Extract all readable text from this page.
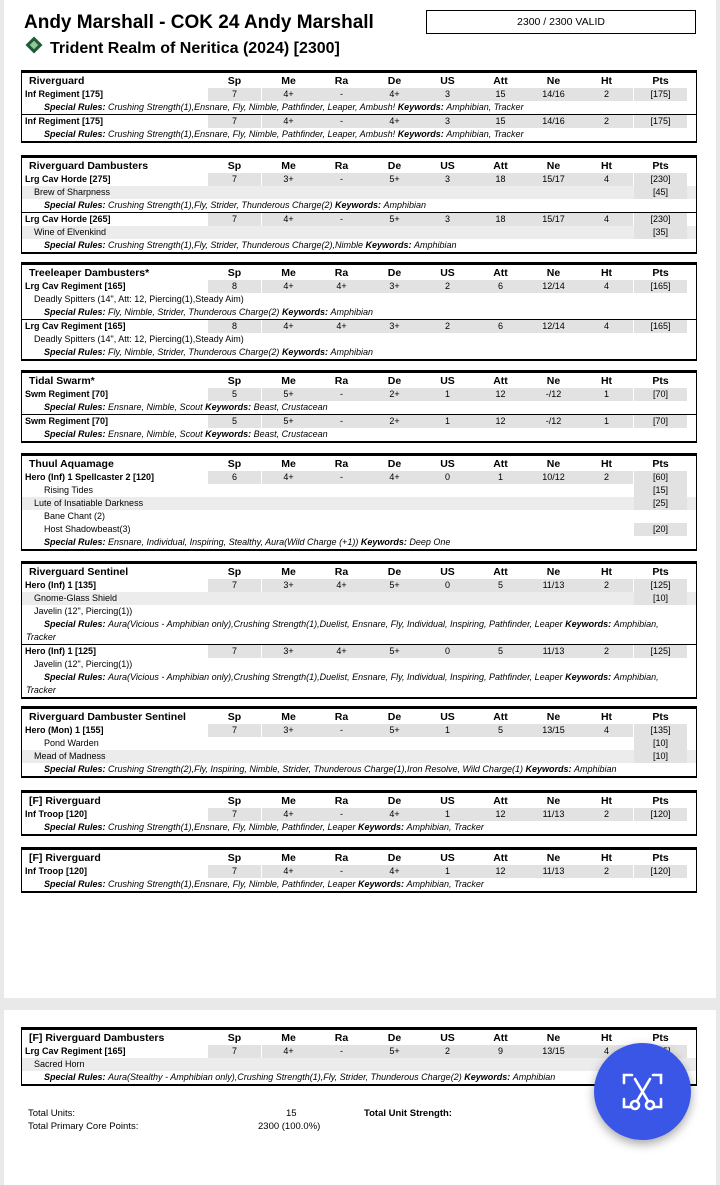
Andy Marshall - COK 24 Andy Marshall
Trident Realm of Neritica (2024) [2300]
2300 / 2300 VALID
Riverguard	Sp	Me	Ra	De	US	Att	Ne	Ht	Pts
Inf Regiment [175]	7	4+	-	4+	3	15	14/16	2	[175]
Special Rules: Crushing Strength(1),Ensnare, Fly, Nimble, Pathfinder, Leaper, Ambush! Keywords: Amphibian, Tracker
Inf Regiment [175]	7	4+	-	4+	3	15	14/16	2	[175]
Special Rules: Crushing Strength(1),Ensnare, Fly, Nimble, Pathfinder, Leaper, Ambush! Keywords: Amphibian, Tracker
Riverguard Dambusters	Sp	Me	Ra	De	US	Att	Ne	Ht	Pts
Lrg Cav Horde [275]	7	3+	-	5+	3	18	15/17	4	[230]
Brew of Sharpness	[45]
Special Rules: Crushing Strength(1),Fly, Strider, Thunderous Charge(2) Keywords: Amphibian
Lrg Cav Horde [265]	7	4+	-	5+	3	18	15/17	4	[230]
Wine of Elvenkind	[35]
Special Rules: Crushing Strength(1),Fly, Strider, Thunderous Charge(2),Nimble Keywords: Amphibian
Treeleaper Dambusters*	Sp	Me	Ra	De	US	Att	Ne	Ht	Pts
Lrg Cav Regiment [165]	8	4+	4+	3+	2	6	12/14	4	[165]
Deadly Spitters (14", Att: 12, Piercing(1),Steady Aim)
Special Rules: Fly, Nimble, Strider, Thunderous Charge(2) Keywords: Amphibian
Lrg Cav Regiment [165]	8	4+	4+	3+	2	6	12/14	4	[165]
Deadly Spitters (14", Att: 12, Piercing(1),Steady Aim)
Special Rules: Fly, Nimble, Strider, Thunderous Charge(2) Keywords: Amphibian
Tidal Swarm*	Sp	Me	Ra	De	US	Att	Ne	Ht	Pts
Swm Regiment [70]	5	5+	-	2+	1	12	-/12	1	[70]
Special Rules: Ensnare, Nimble, Scout Keywords: Beast, Crustacean
Swm Regiment [70]	5	5+	-	2+	1	12	-/12	1	[70]
Special Rules: Ensnare, Nimble, Scout Keywords: Beast, Crustacean
Thuul Aquamage	Sp	Me	Ra	De	US	Att	Ne	Ht	Pts
Hero (Inf) 1 Spellcaster 2 [120]	6	4+	-	4+	0	1	10/12	2	[60]
Rising Tides	[15]
Lute of Insatiable Darkness	[25]
Bane Chant (2)
Host Shadowbeast(3)	[20]
Special Rules: Ensnare, Individual, Inspiring, Stealthy, Aura(Wild Charge (+1)) Keywords: Deep One
Riverguard Sentinel	Sp	Me	Ra	De	US	Att	Ne	Ht	Pts
Hero (Inf) 1 [135]	7	3+	4+	5+	0	5	11/13	2	[125]
Gnome-Glass Shield	[10]
Javelin (12", Piercing(1))
Special Rules: Aura(Vicious - Amphibian only),Crushing Strength(1),Duelist, Ensnare, Fly, Individual, Inspiring, Pathfinder, Leaper Keywords: Amphibian, Tracker
Hero (Inf) 1 [125]	7	3+	4+	5+	0	5	11/13	2	[125]
Javelin (12", Piercing(1))
Special Rules: Aura(Vicious - Amphibian only),Crushing Strength(1),Duelist, Ensnare, Fly, Individual, Inspiring, Pathfinder, Leaper Keywords: Amphibian, Tracker
Riverguard Dambuster Sentinel	Sp	Me	Ra	De	US	Att	Ne	Ht	Pts
Hero (Mon) 1 [155]	7	3+	-	5+	1	5	13/15	4	[135]
Pond Warden	[10]
Mead of Madness	[10]
Special Rules: Crushing Strength(2),Fly, Inspiring, Nimble, Strider, Thunderous Charge(1),Iron Resolve, Wild Charge(1) Keywords: Amphibian
[F] Riverguard	Sp	Me	Ra	De	US	Att	Ne	Ht	Pts
Inf Troop [120]	7	4+	-	4+	1	12	11/13	2	[120]
Special Rules: Crushing Strength(1),Ensnare, Fly, Nimble, Pathfinder, Leaper Keywords: Amphibian, Tracker
[F] Riverguard	Sp	Me	Ra	De	US	Att	Ne	Ht	Pts
Inf Troop [120]	7	4+	-	4+	1	12	11/13	2	[120]
Special Rules: Crushing Strength(1),Ensnare, Fly, Nimble, Pathfinder, Leaper Keywords: Amphibian, Tracker
[F] Riverguard Dambusters	Sp	Me	Ra	De	US	Att	Ne	Ht	Pts
Lrg Cav Regiment [165]	7	4+	-	5+	2	9	13/15	4
Sacred Horn
Special Rules: Aura(Stealthy - Amphibian only),Crushing Strength(1),Fly, Strider, Thunderous Charge(2) Keywords: Amphibian
Total Units:	15	Total Unit Strength:
Total Primary Core Points:	2300 (100.0%)
